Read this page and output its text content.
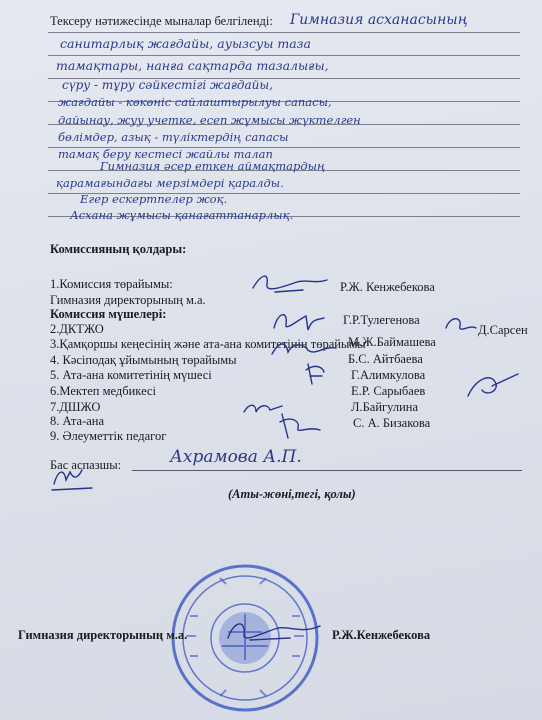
Тексеру нәтижесінде мыналар белгіленді: Гимназия асханасының
санитарлық жағдайы, ауызсуы таза
тамақтары, нанға сақтарда тазалығы,
сүру - тұру сәйкестігі жағдайы,
жағдайы - көкөніс сайлаштырылуы сапасы,
дайынау, жуу учетке, есеп жұмысы жүктелген
бөлімдер, азық - түліктердің сапасы
тамақ беру кестесі жайлы талап
Гимназия әсер еткен аймақтардың
қарамағындағы мерзімдері қаралды.
Егер ескертпелер жоқ.
Асхана жұмысы қанағаттанарлық.
Комиссияның қолдары:
1.Комиссия төрайымы:
Гимназия директорының м.а.
Р.Ж. Кенжебекова
Комиссия мүшелері:
2.ДКТЖО
Г.Р.Тулегенова
3.Қамқоршы кеңесінің және ата-ана комитетінің төрайымы
Д.Сарсен
4. Кәсіподақ ұйымының төрайымы
М.Ж.Баймашева
5. Ата-ана комитетінің мүшесі
Б.С. Айтбаева
6.Мектеп медбикесі
Г.Алимкулова
7.ДШЖО
Е.Р. Сарыбаев
8. Ата-ана
Л.Байгулина
9. Әлеуметтік педагог
С. А. Бизакова
Бас аспазшы:	Ахрамова А.П.
(Аты-жөні,тегі, қолы)
Гимназия директорының м.а.	Р.Ж.Кенжебекова
